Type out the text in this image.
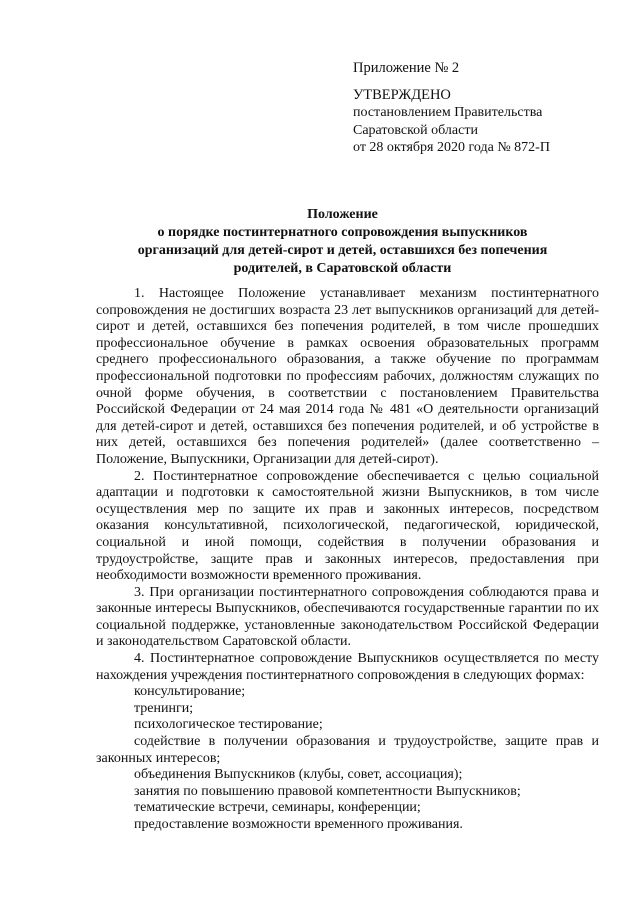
Приложение № 2
УТВЕРЖДЕНО
постановлением Правительства
Саратовской области
от 28 октября 2020 года № 872-П
Положение
о порядке постинтернатного сопровождения выпускников
организаций для детей-сирот и детей, оставшихся без попечения
родителей, в Саратовской области

1. Настоящее Положение устанавливает механизм постинтернатного сопровождения не достигших возраста 23 лет выпускников организаций для детей-сирот и детей, оставшихся без попечения родителей, в том числе прошедших профессиональное обучение в рамках освоения образовательных программ среднего профессионального образования, а также обучение по программам профессиональной подготовки по профессиям рабочих, должностям служащих по очной форме обучения, в соответствии с постановлением Правительства Российской Федерации от 24 мая 2014 года № 481 «О деятельности организаций для детей-сирот и детей, оставшихся без попечения родителей, и об устройстве в них детей, оставшихся без попечения родителей» (далее соответственно – Положение, Выпускники, Организации для детей-сирот).

2. Постинтернатное сопровождение обеспечивается с целью социальной адаптации и подготовки к самостоятельной жизни Выпускников, в том числе осуществления мер по защите их прав и законных интересов, посредством оказания консультативной, психологической, педагогической, юридической, социальной и иной помощи, содействия в получении образования и трудоустройстве, защите прав и законных интересов, предоставления при необходимости возможности временного проживания.

3. При организации постинтернатного сопровождения соблюдаются права и законные интересы Выпускников, обеспечиваются государственные гарантии по их социальной поддержке, установленные законодательством Российской Федерации и законодательством Саратовской области.

4. Постинтернатное сопровождение Выпускников осуществляется по месту нахождения учреждения постинтернатного сопровождения в следующих формах:

консультирование;

тренинги;

психологическое тестирование;

содействие в получении образования и трудоустройстве, защите прав и законных интересов;

объединения Выпускников (клубы, совет, ассоциация);

занятия по повышению правовой компетентности Выпускников;

тематические встречи, семинары, конференции;

предоставление возможности временного проживания.
